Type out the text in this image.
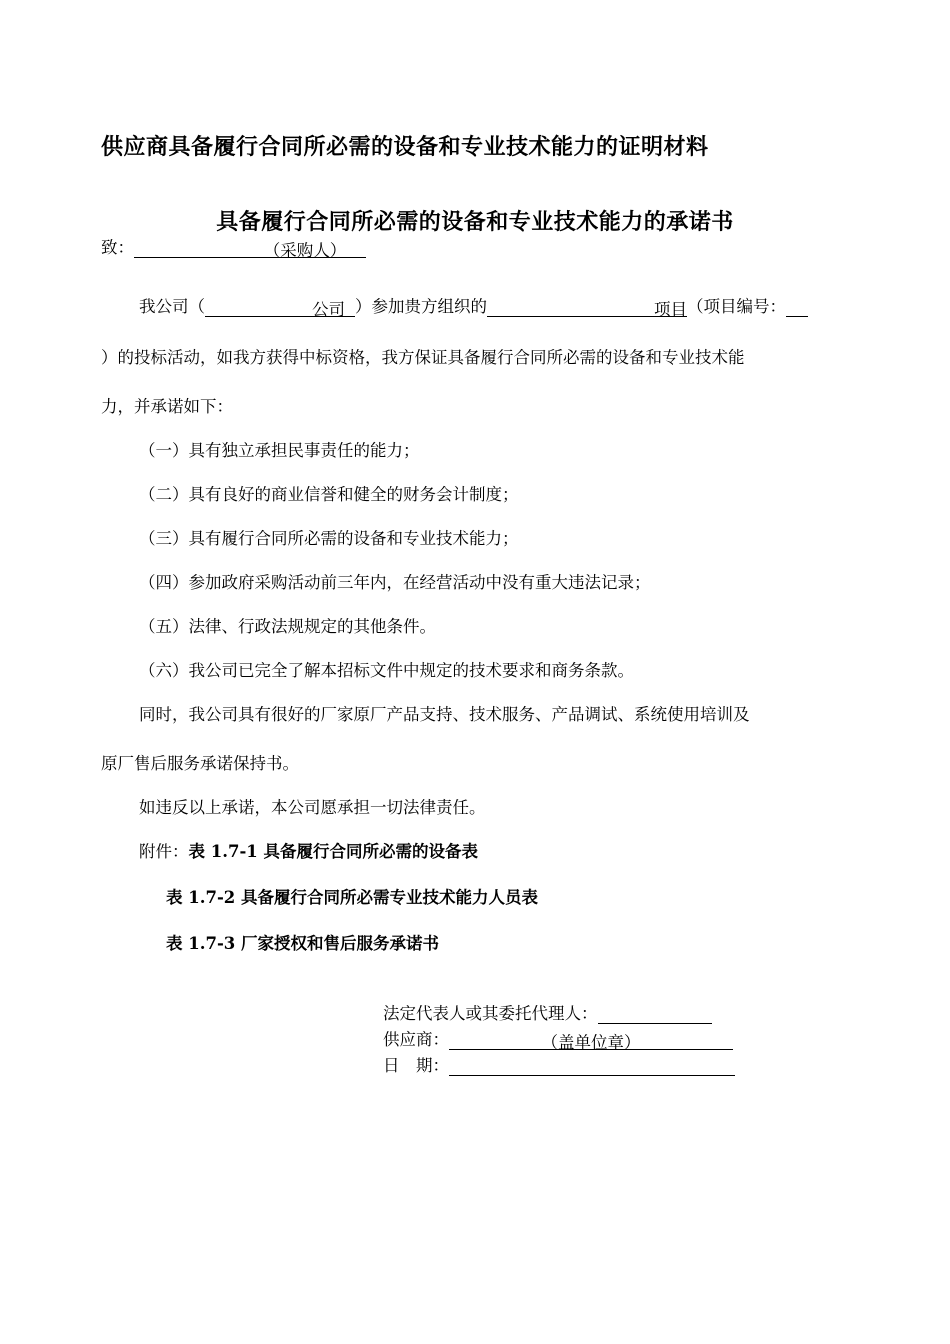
供应商具备履行合同所必需的设备和专业技术能力的证明材料
具备履行合同所必需的设备和专业技术能力的承诺书
致：	（采购人）
我公司（	公司 ）参加贵方组织的	项目（项目编号：
）的投标活动，如我方获得中标资格，我方保证具备履行合同所必需的设备和专业技术能
力，并承诺如下：
（一）具有独立承担民事责任的能力；
（二）具有良好的商业信誉和健全的财务会计制度；
（三）具有履行合同所必需的设备和专业技术能力；
（四）参加政府采购活动前三年内，在经营活动中没有重大违法记录；
（五）法律、行政法规规定的其他条件。
（六）我公司已完全了解本招标文件中规定的技术要求和商务条款。
同时，我公司具有很好的厂家原厂产品支持、技术服务、产品调试、系统使用培训及
原厂售后服务承诺保持书。
如违反以上承诺，本公司愿承担一切法律责任。
附件：表 1.7-1 具备履行合同所必需的设备表
表 1.7-2 具备履行合同所必需专业技术能力人员表
表 1.7-3 厂家授权和售后服务承诺书
法定代表人或其委托代理人：
供应商：	（盖单位章）
日　期：
